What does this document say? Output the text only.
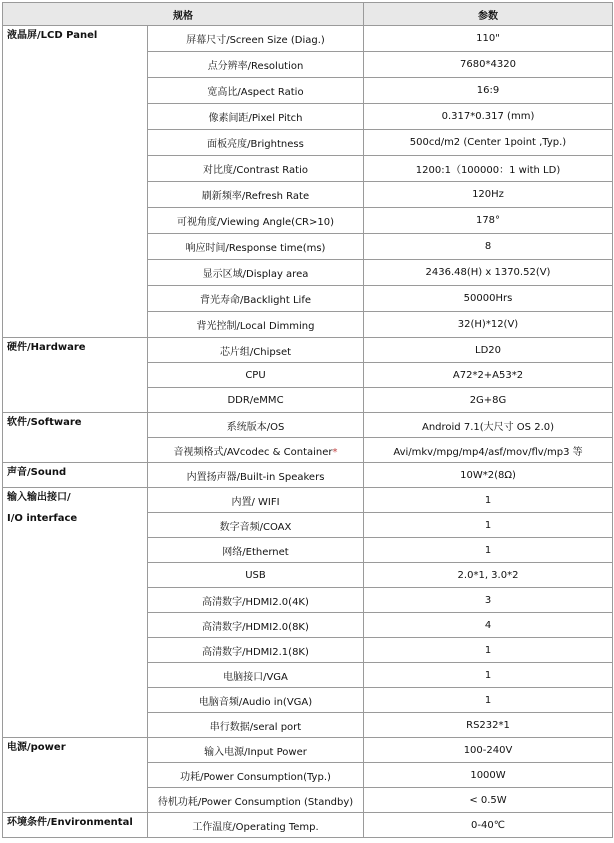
规格		参数
液晶屏/LCD Panel	屏幕尺寸/Screen Size (Diag.)	110"
	点分辨率/Resolution	7680*4320
	宽高比/Aspect Ratio	16:9
	像素间距/Pixel Pitch	0.317*0.317 (mm)
	面板亮度/Brightness	500cd/m2 (Center 1point ,Typ.)
	对比度/Contrast Ratio	1200:1（100000：1 with LD)
	刷新频率/Refresh Rate	120Hz
	可视角度/Viewing Angle(CR>10)	178°
	响应时间/Response time(ms)	8
	显示区域/Display area	2436.48(H) x 1370.52(V)
	背光寿命/Backlight Life	50000Hrs
	背光控制/Local Dimming	32(H)*12(V)
硬件/Hardware	芯片组/Chipset	LD20
	CPU	A72*2+A53*2
	DDR/eMMC	2G+8G
软件/Software	系统版本/OS	Android 7.1(大尺寸 OS 2.0)
	音视频格式/AVcodec & Container*	Avi/mkv/mpg/mp4/asf/mov/flv/mp3 等
声音/Sound	内置扬声器/Built-in Speakers	10W*2(8Ω)
输入输出接口/
I/O interface	内置/ WIFI	1
	数字音频/COAX	1
	网络/Ethernet	1
	USB	2.0*1, 3.0*2
	高清数字/HDMI2.0(4K)	3
	高清数字/HDMI2.0(8K)	4
	高清数字/HDMI2.1(8K)	1
	电脑接口/VGA	1
	电脑音频/Audio in(VGA)	1
	串行数据/seral port	RS232*1
电源/power	输入电源/Input Power	100-240V
	功耗/Power Consumption(Typ.)	1000W
	待机功耗/Power Consumption (Standby)	< 0.5W
环境条件/Environmental	工作温度/Operating Temp.	0-40℃
